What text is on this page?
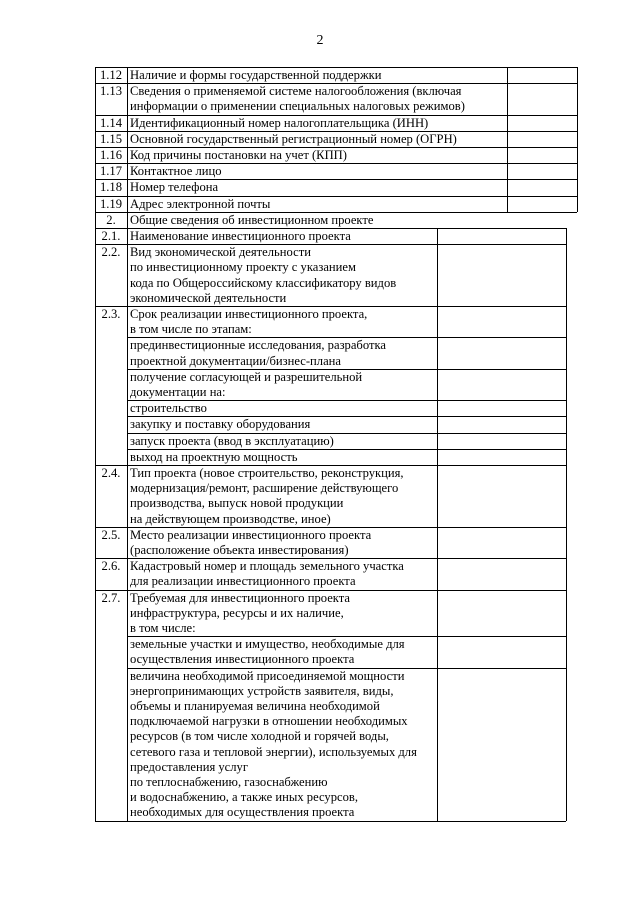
2
1.12 Наличие и формы государственной поддержки
1.13 Сведения о применяемой системе налогообложения (включая
информации о применении специальных налоговых режимов)
1.14 Идентификационный номер налогоплательщика (ИНН)
1.15 Основной государственный регистрационный номер (ОГРН)
1.16 Код причины постановки на учет (КПП)
1.17 Контактное лицо
1.18 Номер телефона
1.19 Адрес электронной почты
2.	Общие сведения об инвестиционном проекте
2.1. Наименование инвестиционного проекта
2.2. Вид экономической деятельности
по инвестиционному проекту с указанием
кода по Общероссийскому классификатору видов
экономической деятельности
2.3. Срок реализации инвестиционного проекта,
в том числе по этапам:
прединвестиционные исследования, разработка
проектной документации/бизнес-плана
получение согласующей и разрешительной
документации на:
строительство
закупку и поставку оборудования
запуск проекта (ввод в эксплуатацию)
выход на проектную мощность
2.4. Тип проекта (новое строительство, реконструкция,
модернизация/ремонт, расширение действующего
производства, выпуск новой продукции
на действующем производстве, иное)
2.5. Место реализации инвестиционного проекта
(расположение объекта инвестирования)
2.6. Кадастровый номер и площадь земельного участка
для реализации инвестиционного проекта
2.7. Требуемая для инвестиционного проекта
инфраструктура, ресурсы и их наличие,
в том числе:
земельные участки и имущество, необходимые для
осуществления инвестиционного проекта
величина необходимой присоединяемой мощности
энергопринимающих устройств заявителя, виды,
объемы и планируемая величина необходимой
подключаемой нагрузки в отношении необходимых
ресурсов (в том числе холодной и горячей воды,
сетевого газа и тепловой энергии), используемых для
предоставления услуг
по теплоснабжению, газоснабжению
и водоснабжению, а также иных ресурсов,
необходимых для осуществления проекта
